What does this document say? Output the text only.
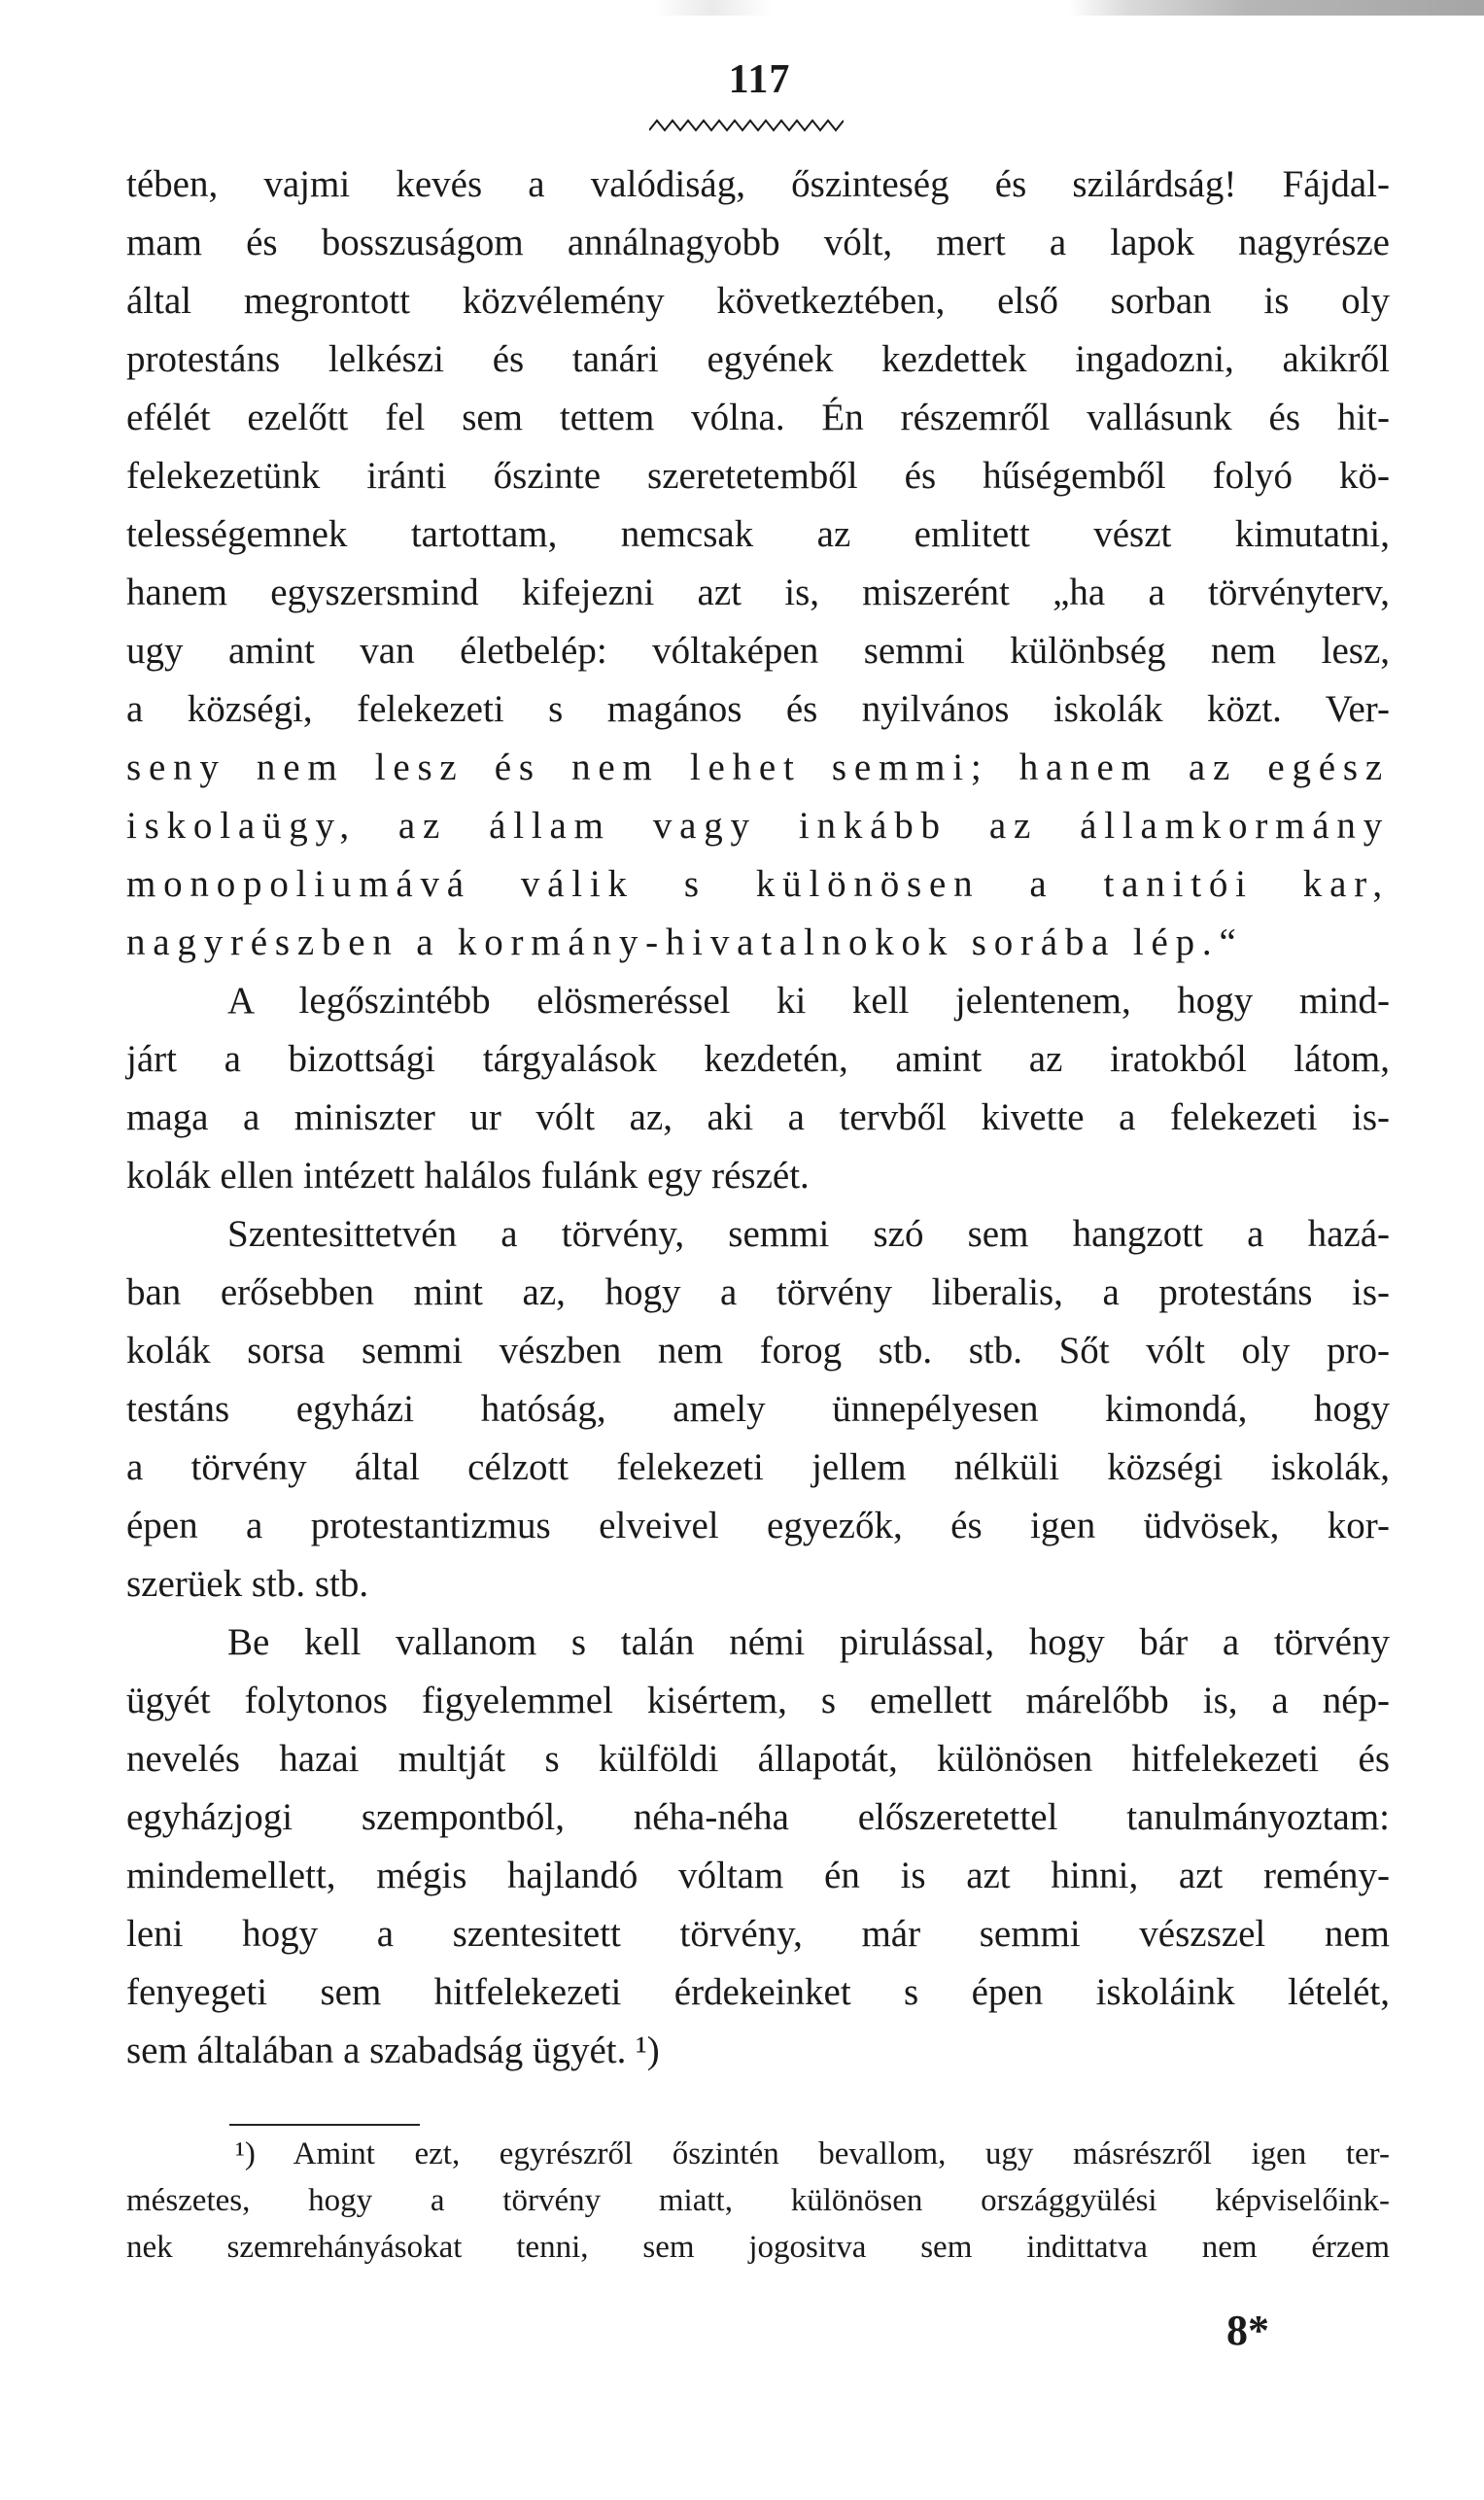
117
tében, vajmi kevés a valódiság, őszinteség és szilárdság! Fájdal-
mam és bosszuságom annálnagyobb vólt, mert a lapok nagyrésze
által megrontott közvélemény következtében, első sorban is oly
protestáns lelkészi és tanári egyének kezdettek ingadozni, akikről
efélét ezelőtt fel sem tettem vólna. Én részemről vallásunk és hit-
felekezetünk iránti őszinte szeretetemből és hűségemből folyó kö-
telességemnek tartottam, nemcsak az emlitett vészt kimutatni,
hanem egyszersmind kifejezni azt is, miszerént „ha a törvényterv,
ugy amint van életbelép: vóltaképen semmi különbség nem lesz,
a községi, felekezeti s magános és nyilvános iskolák közt. Ver-
seny nem lesz és nem lehet semmi; hanem az egész
iskolaügy, az állam vagy inkább az államkormány
monopoliumává válik s különösen a tanitói kar,
nagyrészben a kormány-hivatalnokok sorába lép.“
A legőszintébb elösmeréssel ki kell jelentenem, hogy mind-
járt a bizottsági tárgyalások kezdetén, amint az iratokból látom,
maga a miniszter ur vólt az, aki a tervből kivette a felekezeti is-
kolák ellen intézett halálos fulánk egy részét.
Szentesittetvén a törvény, semmi szó sem hangzott a hazá-
ban erősebben mint az, hogy a törvény liberalis, a protestáns is-
kolák sorsa semmi vészben nem forog stb. stb. Sőt vólt oly pro-
testáns egyházi hatóság, amely ünnepélyesen kimondá, hogy
a törvény által célzott felekezeti jellem nélküli községi iskolák,
épen a protestantizmus elveivel egyezők, és igen üdvösek, kor-
szerüek stb. stb.
Be kell vallanom s talán némi pirulással, hogy bár a törvény
ügyét folytonos figyelemmel kisértem, s emellett márelőbb is, a nép-
nevelés hazai multját s külföldi állapotát, különösen hitfelekezeti és
egyházjogi szempontból, néha-néha előszeretettel tanulmányoztam:
mindemellett, mégis hajlandó vóltam én is azt hinni, azt remény-
leni hogy a szentesitett törvény, már semmi vészszel nem
fenyegeti sem hitfelekezeti érdekeinket s épen iskoláink lételét,
sem általában a szabadság ügyét. ¹)
¹) Amint ezt, egyrészről őszintén bevallom, ugy másrészről igen ter-
mészetes, hogy a törvény miatt, különösen országgyülési képviselőink-
nek szemrehányásokat tenni, sem jogositva sem indittatva nem érzem
8*
